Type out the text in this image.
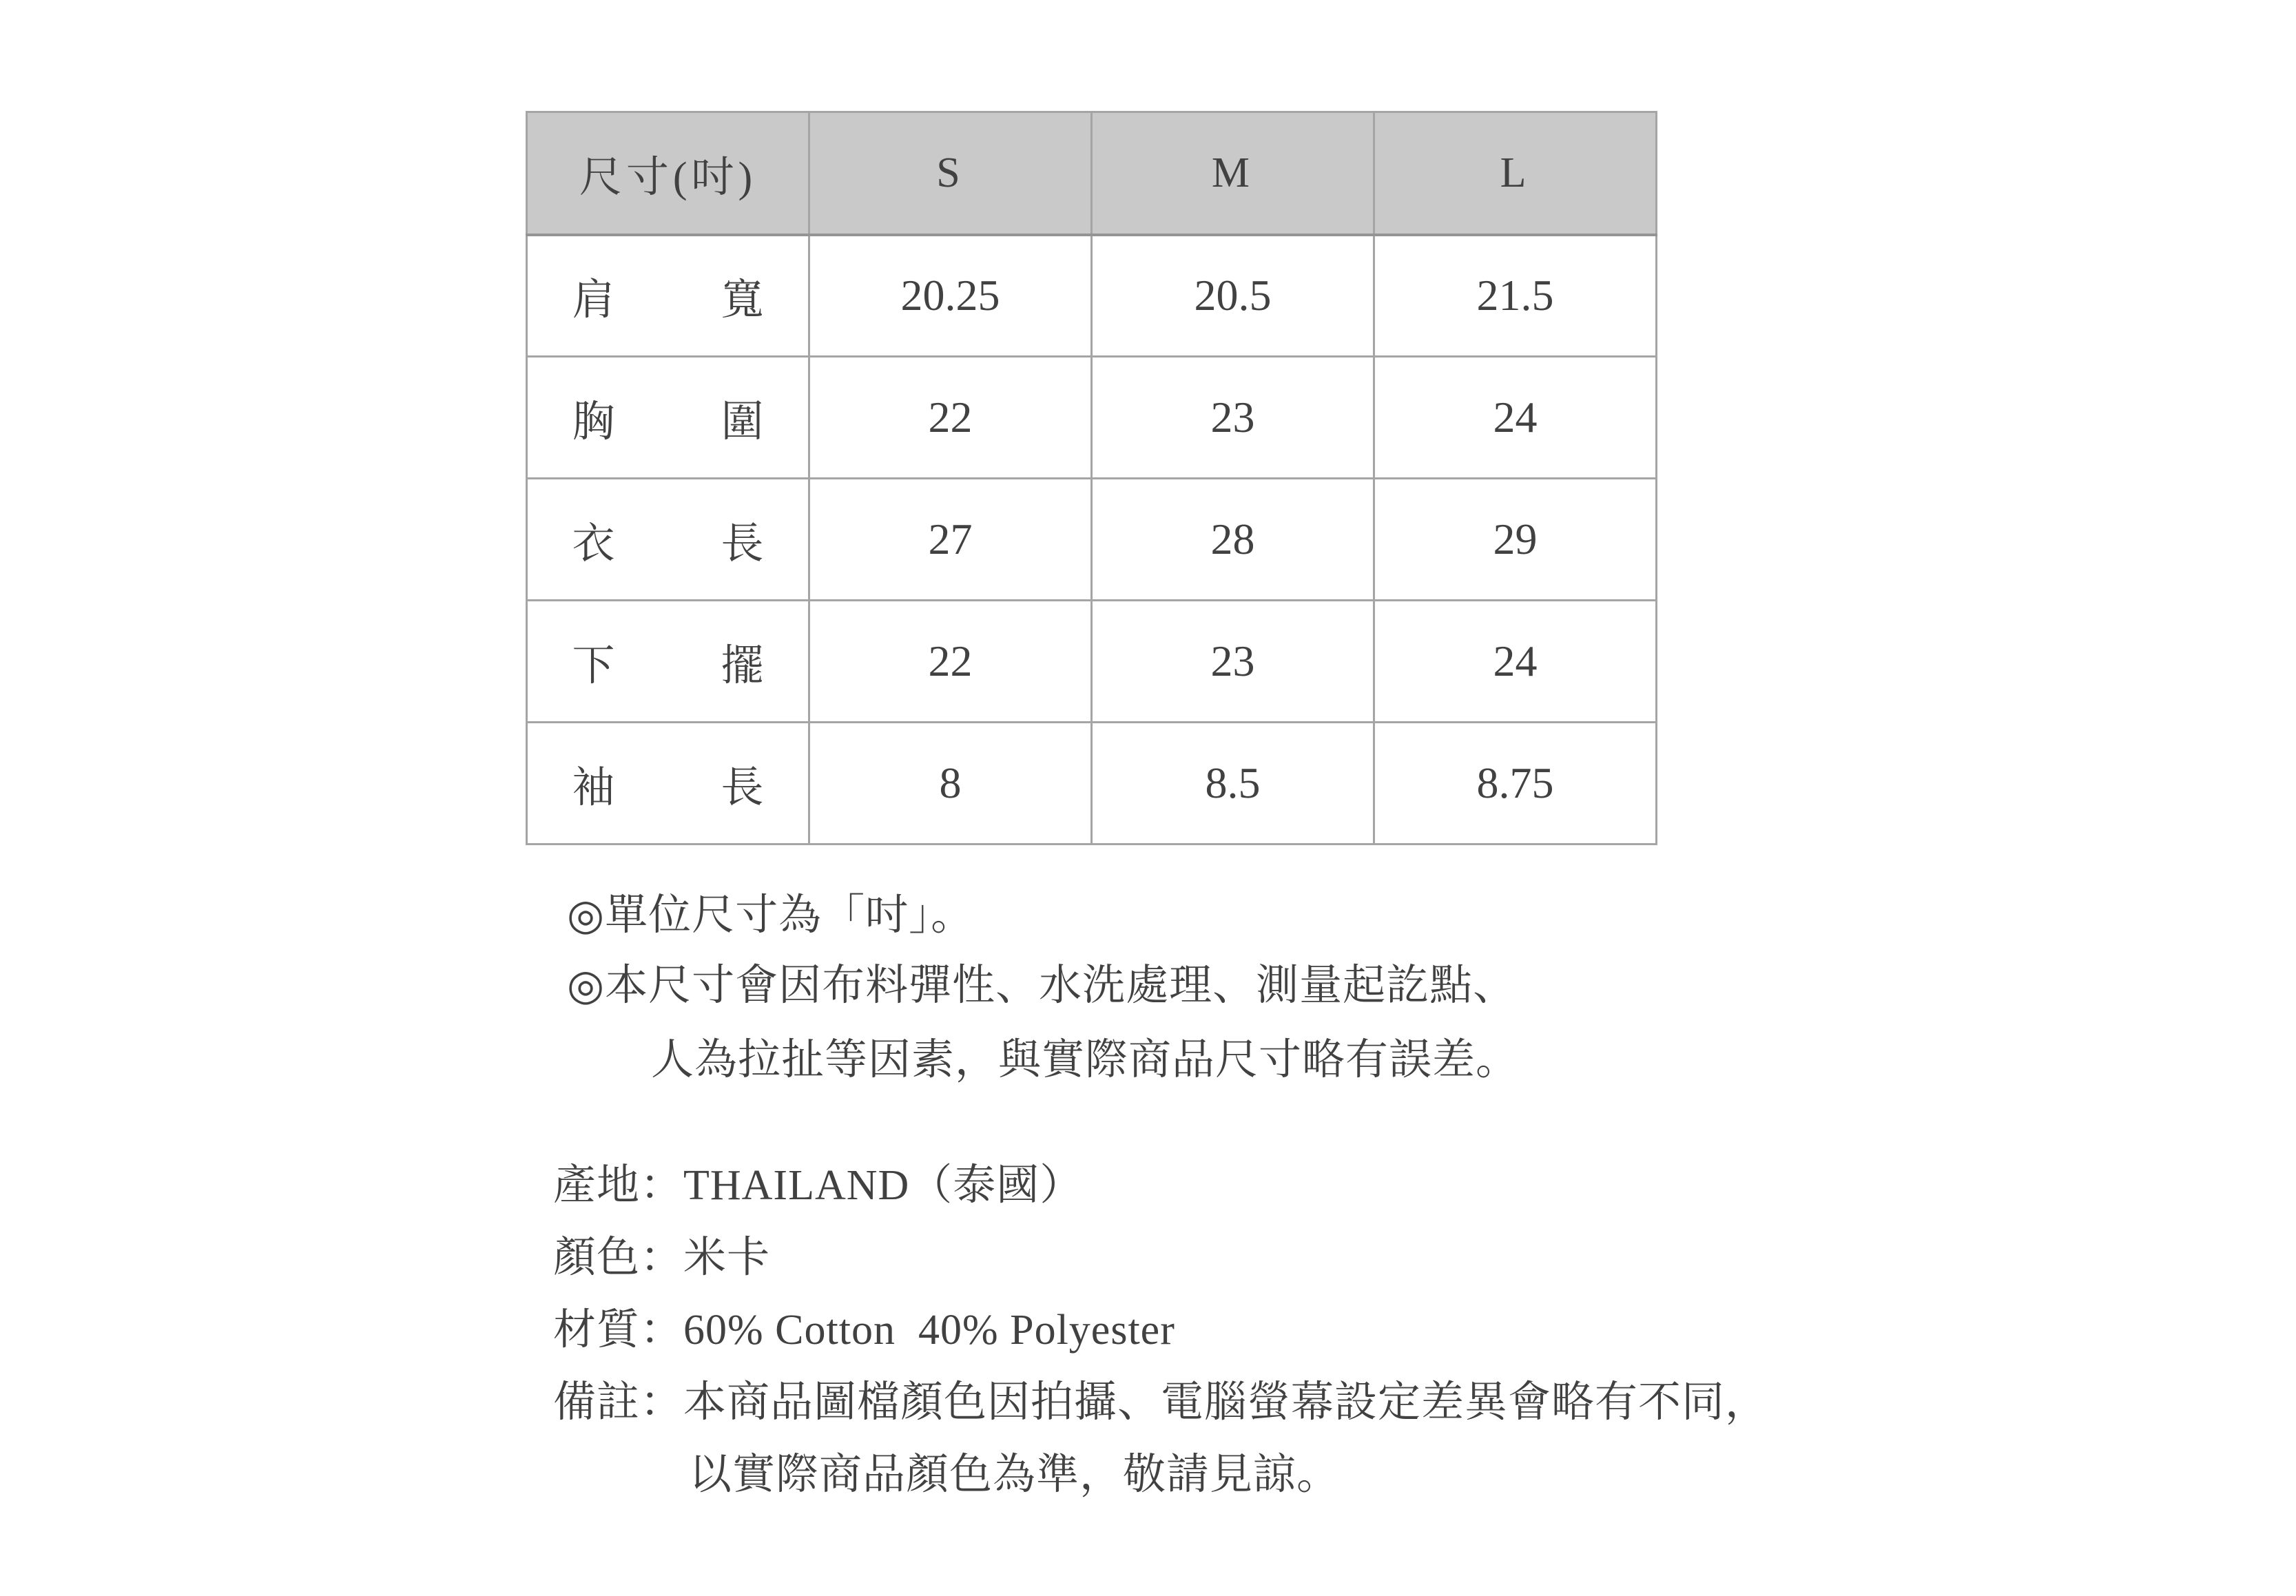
尺寸(吋)	S	M	L

肩寬	20.25	20.5	21.5

胸圍	22	23	24

衣長	27	28	29

下擺	22	23	24

袖長	8	8.5	8.75
◎單位尺寸為「吋」。
◎本尺寸會因布料彈性、水洗處理、測量起訖點、
人為拉扯等因素，與實際商品尺寸略有誤差。
產地：THAILAND（泰國）
顏色：米卡
材質：60% Cotton  40% Polyester
備註：本商品圖檔顏色因拍攝、電腦螢幕設定差異會略有不同，
以實際商品顏色為準，敬請見諒。
